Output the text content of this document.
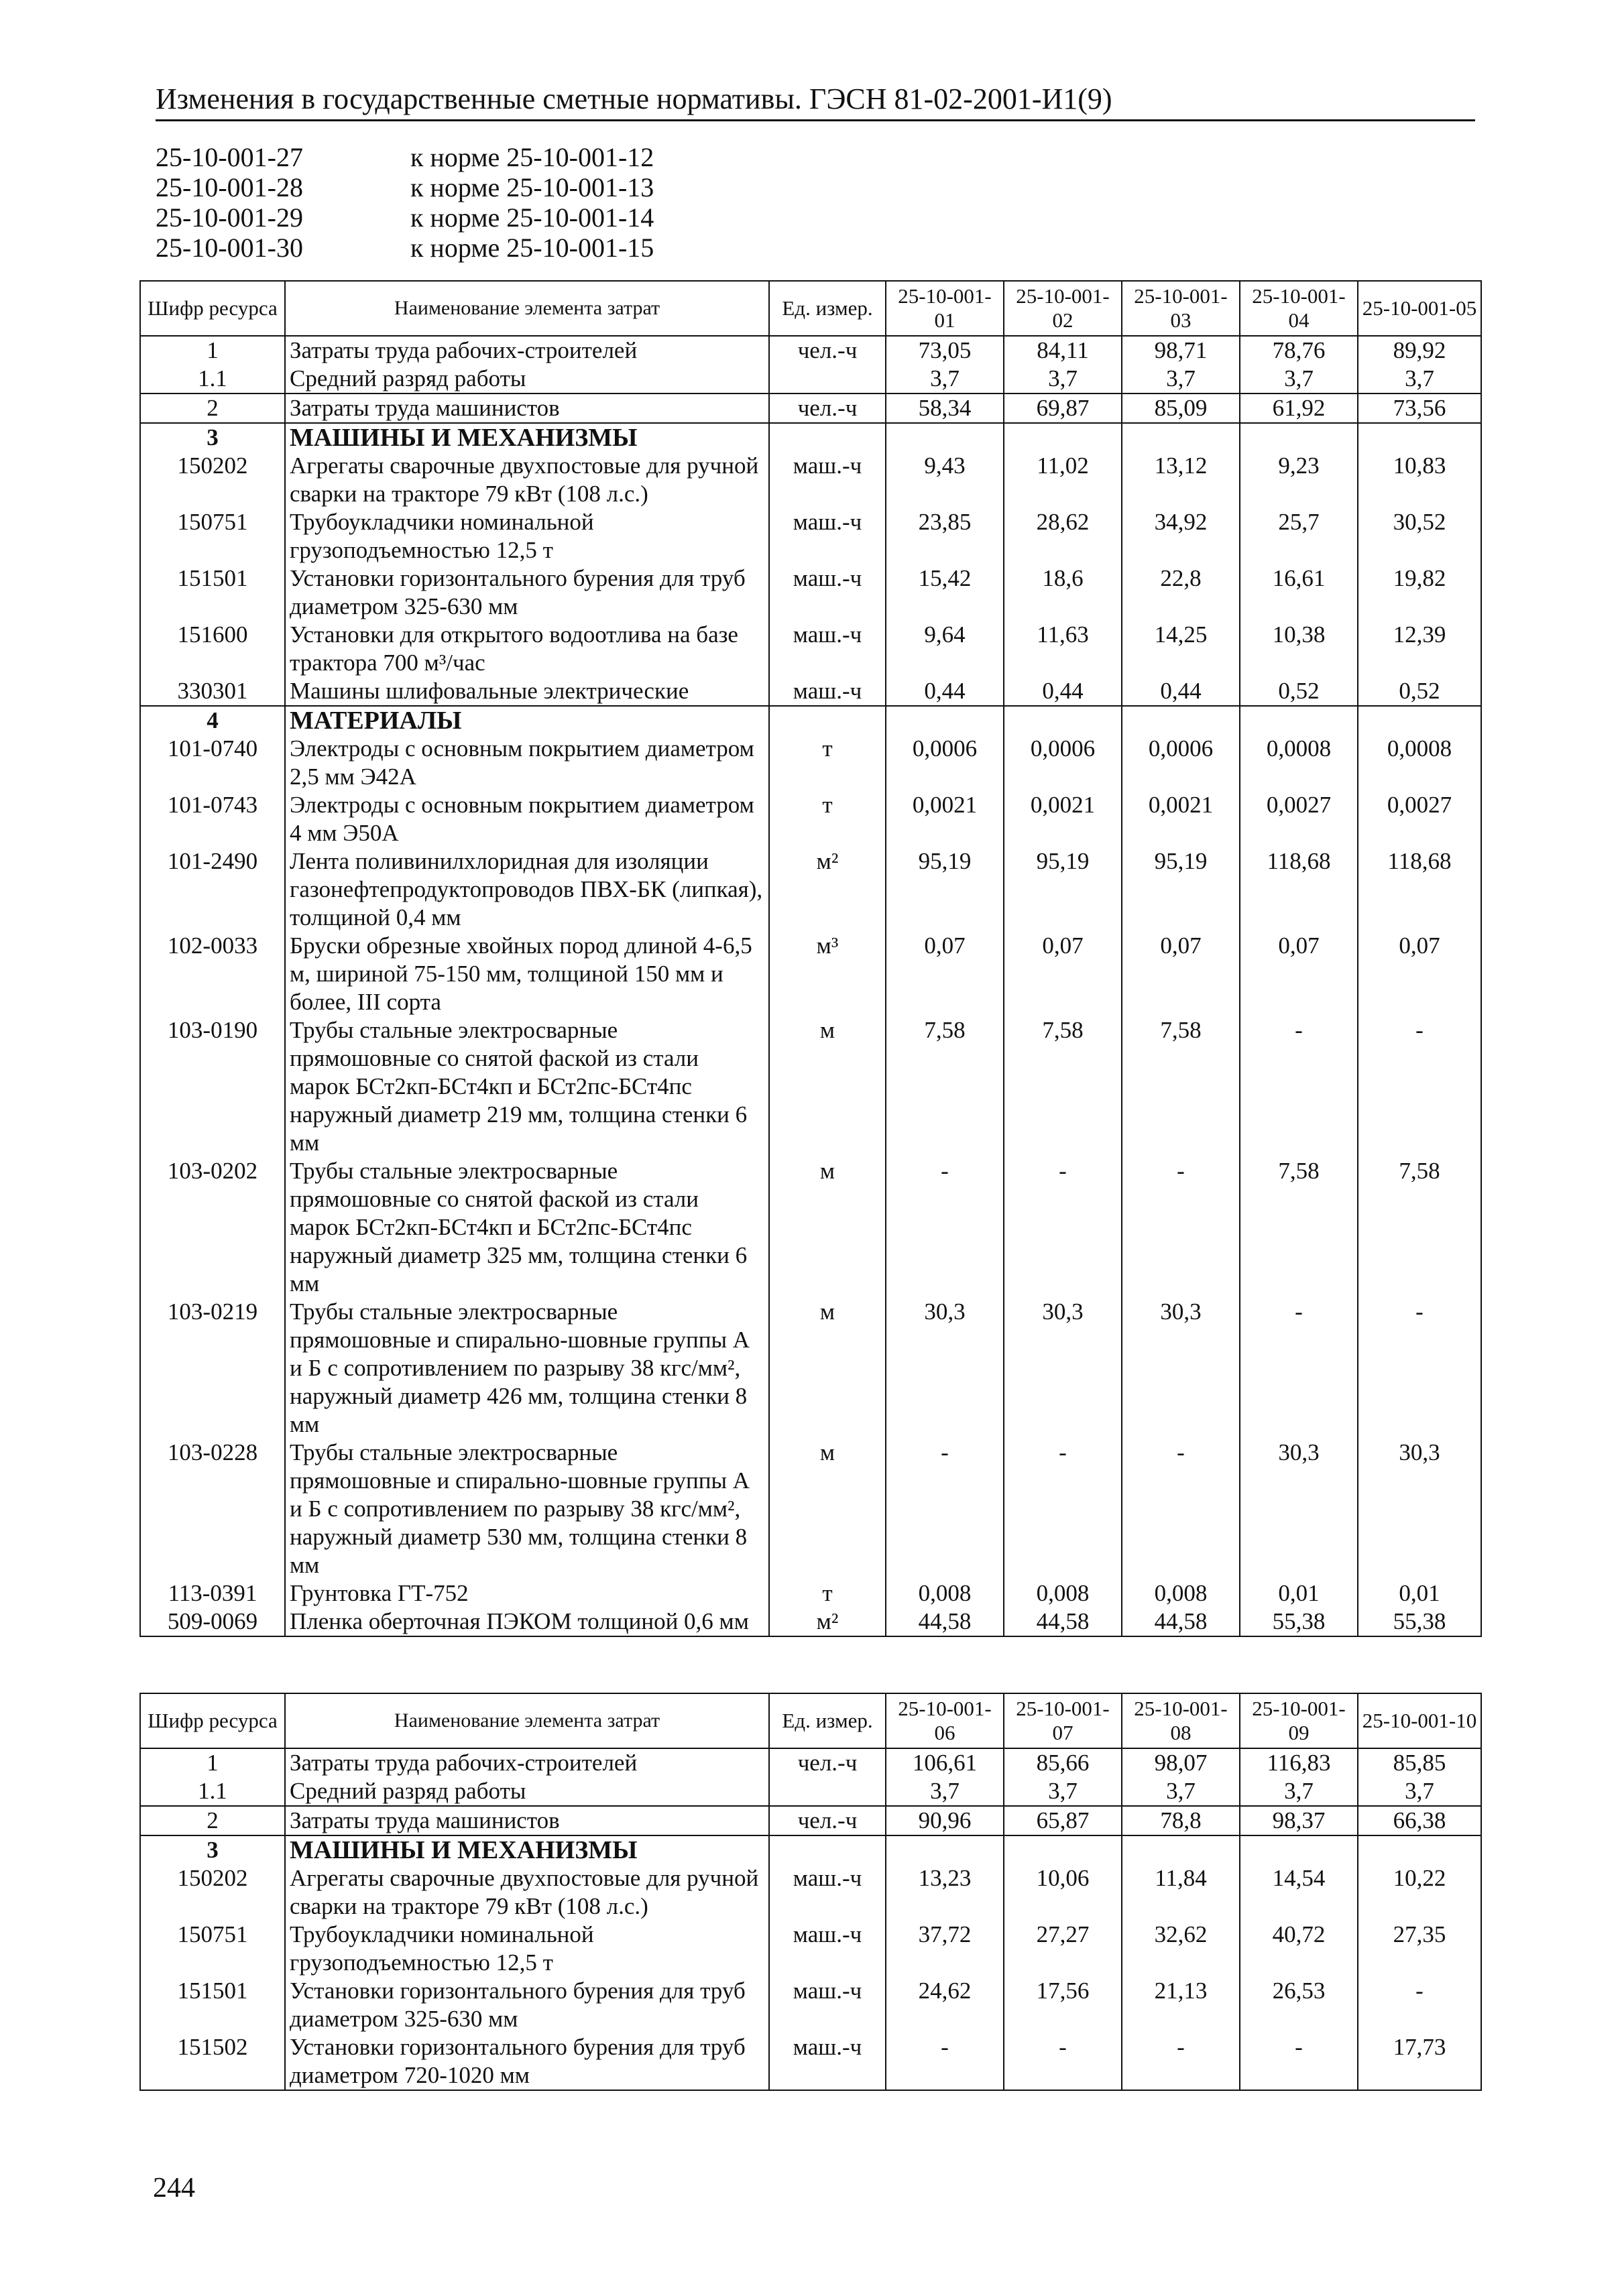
Изменения в государственные сметные нормативы. ГЭСН 81-02-2001-И1(9)
25-10-001-27	к норме 25-10-001-12
25-10-001-28	к норме 25-10-001-13
25-10-001-29	к норме 25-10-001-14
25-10-001-30	к норме 25-10-001-15
Шифр ресурса	Наименование элемента затрат	Ед. измер.	25-10-001-01	25-10-001-02	25-10-001-03	25-10-001-04	25-10-001-05
1	Затраты труда рабочих-строителей	чел.-ч	73,05	84,11	98,71	78,76	89,92
1.1	Средний разряд работы		3,7	3,7	3,7	3,7	3,7
2	Затраты труда машинистов	чел.-ч	58,34	69,87	85,09	61,92	73,56
3	МАШИНЫ И МЕХАНИЗМЫ						
150202	Агрегаты сварочные двухпостовые для ручной сварки на тракторе 79 кВт (108 л.с.)	маш.-ч	9,43	11,02	13,12	9,23	10,83
150751	Трубоукладчики номинальной грузоподъемностью 12,5 т	маш.-ч	23,85	28,62	34,92	25,7	30,52
151501	Установки горизонтального бурения для труб диаметром 325-630 мм	маш.-ч	15,42	18,6	22,8	16,61	19,82
151600	Установки для открытого водоотлива на базе трактора 700 м³/час	маш.-ч	9,64	11,63	14,25	10,38	12,39
330301	Машины шлифовальные электрические	маш.-ч	0,44	0,44	0,44	0,52	0,52
4	МАТЕРИАЛЫ						
101-0740	Электроды с основным покрытием диаметром 2,5 мм Э42А	т	0,0006	0,0006	0,0006	0,0008	0,0008
101-0743	Электроды с основным покрытием диаметром 4 мм Э50А	т	0,0021	0,0021	0,0021	0,0027	0,0027
101-2490	Лента поливинилхлоридная для изоляции газонефтепродуктопроводов ПВХ-БК (липкая), толщиной 0,4 мм	м²	95,19	95,19	95,19	118,68	118,68
102-0033	Бруски обрезные хвойных пород длиной 4-6,5 м, шириной 75-150 мм, толщиной 150 мм и более, III сорта	м³	0,07	0,07	0,07	0,07	0,07
103-0190	Трубы стальные электросварные прямошовные со снятой фаской из стали марок БСт2кп-БСт4кп и БСт2пс-БСт4пс наружный диаметр 219 мм, толщина стенки 6 мм	м	7,58	7,58	7,58	-	-
103-0202	Трубы стальные электросварные прямошовные со снятой фаской из стали марок БСт2кп-БСт4кп и БСт2пс-БСт4пс наружный диаметр 325 мм, толщина стенки 6 мм	м	-	-	-	7,58	7,58
103-0219	Трубы стальные электросварные прямошовные и спирально-шовные группы А и Б с сопротивлением по разрыву 38 кгс/мм², наружный диаметр 426 мм, толщина стенки 8 мм	м	30,3	30,3	30,3	-	-
103-0228	Трубы стальные электросварные прямошовные и спирально-шовные группы А и Б с сопротивлением по разрыву 38 кгс/мм², наружный диаметр 530 мм, толщина стенки 8 мм	м	-	-	-	30,3	30,3
113-0391	Грунтовка ГТ-752	т	0,008	0,008	0,008	0,01	0,01
509-0069	Пленка оберточная ПЭКОМ толщиной 0,6 мм	м²	44,58	44,58	44,58	55,38	55,38
Шифр ресурса	Наименование элемента затрат	Ед. измер.	25-10-001-06	25-10-001-07	25-10-001-08	25-10-001-09	25-10-001-10
1	Затраты труда рабочих-строителей	чел.-ч	106,61	85,66	98,07	116,83	85,85
1.1	Средний разряд работы		3,7	3,7	3,7	3,7	3,7
2	Затраты труда машинистов	чел.-ч	90,96	65,87	78,8	98,37	66,38
3	МАШИНЫ И МЕХАНИЗМЫ						
150202	Агрегаты сварочные двухпостовые для ручной сварки на тракторе 79 кВт (108 л.с.)	маш.-ч	13,23	10,06	11,84	14,54	10,22
150751	Трубоукладчики номинальной грузоподъемностью 12,5 т	маш.-ч	37,72	27,27	32,62	40,72	27,35
151501	Установки горизонтального бурения для труб диаметром 325-630 мм	маш.-ч	24,62	17,56	21,13	26,53	-
151502	Установки горизонтального бурения для труб диаметром 720-1020 мм	маш.-ч	-	-	-	-	17,73
244
